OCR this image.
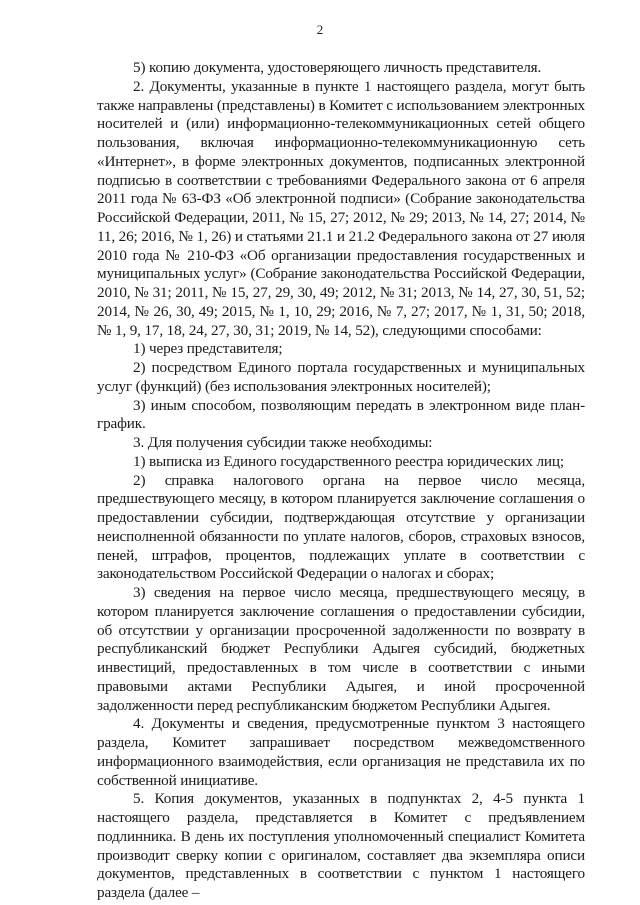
2

5) копию документа, удостоверяющего личность представителя.

2. Документы, указанные в пункте 1 настоящего раздела, могут быть также направлены (представлены) в Комитет с использованием электронных носителей и (или) информационно-телекоммуникационных сетей общего пользования, включая информационно-телекоммуникационную сеть «Интернет», в форме электронных документов, подписанных электронной подписью в соответствии с требованиями Федерального закона от 6 апреля 2011 года № 63-ФЗ «Об электронной подписи» (Собрание законодательства Российской Федерации, 2011, № 15, 27; 2012, № 29; 2013, № 14, 27; 2014, № 11, 26; 2016, № 1, 26) и статьями 21.1 и 21.2 Федерального закона от 27 июля 2010 года № 210-ФЗ «Об организации предоставления государственных и муниципальных услуг» (Собрание законодательства Российской Федерации, 2010, № 31; 2011, № 15, 27, 29, 30, 49; 2012, № 31; 2013, № 14, 27, 30, 51, 52; 2014, № 26, 30, 49; 2015, № 1, 10, 29; 2016, № 7, 27; 2017, № 1, 31, 50; 2018, № 1, 9, 17, 18, 24, 27, 30, 31; 2019, № 14, 52), следующими способами:

1) через представителя;

2) посредством Единого портала государственных и муниципальных услуг (функций) (без использования электронных носителей);

3) иным способом, позволяющим передать в электронном виде план-график.

3. Для получения субсидии также необходимы:

1) выписка из Единого государственного реестра юридических лиц;

2) справка налогового органа на первое число месяца, предшествующего месяцу, в котором планируется заключение соглашения о предоставлении субсидии, подтверждающая отсутствие у организации неисполненной обязанности по уплате налогов, сборов, страховых взносов, пеней, штрафов, процентов, подлежащих уплате в соответствии с законодательством Российской Федерации о налогах и сборах;

3) сведения на первое число месяца, предшествующего месяцу, в котором планируется заключение соглашения о предоставлении субсидии, об отсутствии у организации просроченной задолженности по возврату в республиканский бюджет Республики Адыгея субсидий, бюджетных инвестиций, предоставленных в том числе в соответствии с иными правовыми актами Республики Адыгея, и иной просроченной задолженности перед республиканским бюджетом Республики Адыгея.

4. Документы и сведения, предусмотренные пунктом 3 настоящего раздела, Комитет запрашивает посредством межведомственного информационного взаимодействия, если организация не представила их по собственной инициативе.

5. Копия документов, указанных в подпунктах 2, 4-5 пункта 1 настоящего раздела, представляется в Комитет с предъявлением подлинника. В день их поступления уполномоченный специалист Комитета производит сверку копии с оригиналом, составляет два экземпляра описи документов, представленных в соответствии с пунктом 1 настоящего раздела (далее –
